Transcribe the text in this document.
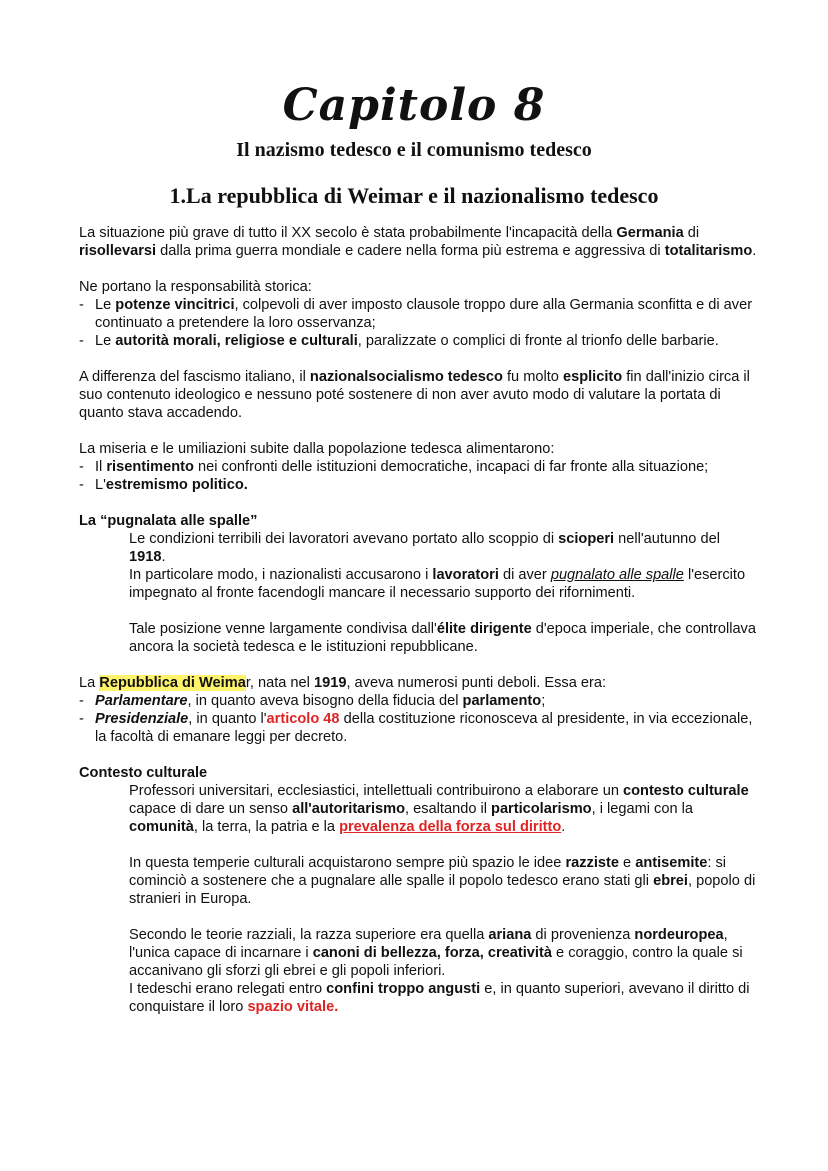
Capitolo 8
Il nazismo tedesco e il comunismo tedesco
1.La repubblica di Weimar e il nazionalismo tedesco

La situazione più grave di tutto il XX secolo è stata probabilmente l'incapacità della Germania di risollevarsi dalla prima guerra mondiale e cadere nella forma più estrema e aggressiva di totalitarismo.

Ne portano la responsabilità storica:

- Le potenze vincitrici, colpevoli di aver imposto clausole troppo dure alla Germania sconfitta e di aver continuato a pretendere la loro osservanza;
- Le autorità morali, religiose e culturali, paralizzate o complici di fronte al trionfo delle barbarie.

A differenza del fascismo italiano, il nazionalsocialismo tedesco fu molto esplicito fin dall'inizio circa il suo contenuto ideologico e nessuno poté sostenere di non aver avuto modo di valutare la portata di quanto stava accadendo.

La miseria e le umiliazioni subite dalla popolazione tedesca alimentarono:

- Il risentimento nei confronti delle istituzioni democratiche, incapaci di far fronte alla situazione;
- L'estremismo politico.

La “pugnalata alle spalle”

Le condizioni terribili dei lavoratori avevano portato allo scoppio di scioperi nell'autunno del 1918.

In particolare modo, i nazionalisti accusarono i lavoratori di aver pugnalato alle spalle l'esercito impegnato al fronte facendogli mancare il necessario supporto dei rifornimenti.

Tale posizione venne largamente condivisa dall'élite dirigente d'epoca imperiale, che controllava ancora la società tedesca e le istituzioni repubblicane.

La Repubblica di Weimar, nata nel 1919, aveva numerosi punti deboli. Essa era:

- Parlamentare, in quanto aveva bisogno della fiducia del parlamento;
- Presidenziale, in quanto l'articolo 48 della costituzione riconosceva al presidente, in via eccezionale, la facoltà di emanare leggi per decreto.

Contesto culturale

Professori universitari, ecclesiastici, intellettuali contribuirono a elaborare un contesto culturale capace di dare un senso all'autoritarismo, esaltando il particolarismo, i legami con la comunità, la terra, la patria e la prevalenza della forza sul diritto.

In questa temperie culturali acquistarono sempre più spazio le idee razziste e antisemite: si cominciò a sostenere che a pugnalare alle spalle il popolo tedesco erano stati gli ebrei, popolo di stranieri in Europa.

Secondo le teorie razziali, la razza superiore era quella ariana di provenienza nordeuropea, l'unica capace di incarnare i canoni di bellezza, forza, creatività e coraggio, contro la quale si accanivano gli sforzi gli ebrei e gli popoli inferiori.

I tedeschi erano relegati entro confini troppo angusti e, in quanto superiori, avevano il diritto di conquistare il loro spazio vitale.
